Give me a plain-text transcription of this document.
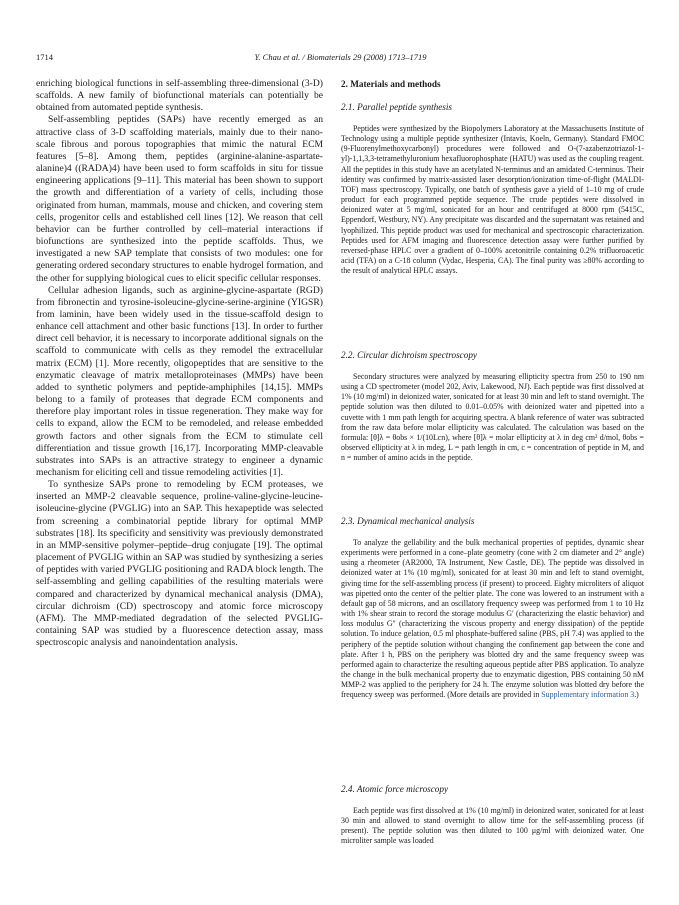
1714	Y. Chau et al. / Biomaterials 29 (2008) 1713–1719

enriching biological functions in self-assembling three-dimensional (3-D) scaffolds. A new family of biofunctional materials can potentially be obtained from automated peptide synthesis.

Self-assembling peptides (SAPs) have recently emerged as an attractive class of 3-D scaffolding materials, mainly due to their nano-scale fibrous and porous topographies that mimic the natural ECM features [5–8]. Among them, peptides (arginine-alanine-aspartate-alanine)4 ((RADA)4) have been used to form scaffolds in situ for tissue engineering applications [9–11]. This material has been shown to support the growth and differentiation of a variety of cells, including those originated from human, mammals, mouse and chicken, and covering stem cells, progenitor cells and established cell lines [12]. We reason that cell behavior can be further controlled by cell–material interactions if biofunctions are synthesized into the peptide scaffolds. Thus, we investigated a new SAP template that consists of two modules: one for generating ordered secondary structures to enable hydrogel formation, and the other for supplying biological cues to elicit specific cellular responses.

Cellular adhesion ligands, such as arginine-glycine-aspartate (RGD) from fibronectin and tyrosine-isoleucine-glycine-serine-arginine (YIGSR) from laminin, have been widely used in the tissue-scaffold design to enhance cell attachment and other basic functions [13]. In order to further direct cell behavior, it is necessary to incorporate additional signals on the scaffold to communicate with cells as they remodel the extracellular matrix (ECM) [1]. More recently, oligopeptides that are sensitive to the enzymatic cleavage of matrix metalloproteinases (MMPs) have been added to synthetic polymers and peptide-amphiphiles [14,15]. MMPs belong to a family of proteases that degrade ECM components and therefore play important roles in tissue regeneration. They make way for cells to expand, allow the ECM to be remodeled, and release embedded growth factors and other signals from the ECM to stimulate cell differentiation and tissue growth [16,17]. Incorporating MMP-cleavable substrates into SAPs is an attractive strategy to engineer a dynamic mechanism for eliciting cell and tissue remodeling activities [1].

To synthesize SAPs prone to remodeling by ECM proteases, we inserted an MMP-2 cleavable sequence, proline-valine-glycine-leucine-isoleucine-glycine (PVGLIG) into an SAP. This hexapeptide was selected from screening a combinatorial peptide library for optimal MMP substrates [18]. Its specificity and sensitivity was previously demonstrated in an MMP-sensitive polymer–peptide–drug conjugate [19]. The optimal placement of PVGLIG within an SAP was studied by synthesizing a series of peptides with varied PVGLIG positioning and RADA block length. The self-assembling and gelling capabilities of the resulting materials were compared and characterized by dynamical mechanical analysis (DMA), circular dichroism (CD) spectroscopy and atomic force microscopy (AFM). The MMP-mediated degradation of the selected PVGLIG-containing SAP was studied by a fluorescence detection assay, mass spectroscopic analysis and nanoindentation analysis.

2. Materials and methods
2.1. Parallel peptide synthesis

Peptides were synthesized by the Biopolymers Laboratory at the Massachusetts Institute of Technology using a multiple peptide synthesizer (Intavis, Koeln, Germany). Standard FMOC (9-Fluorenylmethoxycarbonyl) procedures were followed and O-(7-azabenzotriazol-1-yl)-1,1,3,3-tetramethyluronium hexafluorophosphate (HATU) was used as the coupling reagent. All the peptides in this study have an acetylated N-terminus and an amidated C-terminus. Their identity was confirmed by matrix-assisted laser desorption/ionization time-of-flight (MALDI-TOF) mass spectroscopy. Typically, one batch of synthesis gave a yield of 1–10 mg of crude product for each programmed peptide sequence. The crude peptides were dissolved in deionized water at 5 mg/ml, sonicated for an hour and centrifuged at 8000 rpm (5415C, Eppendorf, Westbury, NY). Any precipitate was discarded and the supernatant was retained and lyophilized. This peptide product was used for mechanical and spectroscopic characterization. Peptides used for AFM imaging and fluorescence detection assay were further purified by reversed-phase HPLC over a gradient of 0–100% acetonitrile containing 0.2% trifluoroacetic acid (TFA) on a C-18 column (Vydac, Hesperia, CA). The final purity was ≥80% according to the result of analytical HPLC assays.

2.2. Circular dichroism spectroscopy

Secondary structures were analyzed by measuring ellipticity spectra from 250 to 190 nm using a CD spectrometer (model 202, Aviv, Lakewood, NJ). Each peptide was first dissolved at 1% (10 mg/ml) in deionized water, sonicated for at least 30 min and left to stand overnight. The peptide solution was then diluted to 0.01–0.05% with deionized water and pipetted into a cuvette with 1 mm path length for acquiring spectra. A blank reference of water was subtracted from the raw data before molar ellipticity was calculated. The calculation was based on the formula: [θ]λ = θobs × 1/(10Lcn), where [θ]λ = molar ellipticity at λ in deg cm² d/mol, θobs = observed ellipticity at λ in mdeg, L = path length in cm, c = concentration of peptide in M, and n = number of amino acids in the peptide.

2.3. Dynamical mechanical analysis

To analyze the gellability and the bulk mechanical properties of peptides, dynamic shear experiments were performed in a cone–plate geometry (cone with 2 cm diameter and 2° angle) using a rheometer (AR2000, TA Instrument, New Castle, DE). The peptide was dissolved in deionized water at 1% (10 mg/ml), sonicated for at least 30 min and left to stand overnight, giving time for the self-assembling process (if present) to proceed. Eighty microliters of aliquot was pipetted onto the center of the peltier plate. The cone was lowered to an instrument with a default gap of 58 microns, and an oscillatory frequency sweep was performed from 1 to 10 Hz with 1% shear strain to record the storage modulus G′ (characterizing the elastic behavior) and loss modulus G″ (characterizing the viscous property and energy dissipation) of the peptide solution. To induce gelation, 0.5 ml phosphate-buffered saline (PBS, pH 7.4) was applied to the periphery of the peptide solution without changing the confinement gap between the cone and plate. After 1 h, PBS on the periphery was blotted dry and the same frequency sweep was performed again to characterize the resulting aqueous peptide after PBS application. To analyze the change in the bulk mechanical property due to enzymatic digestion, PBS containing 50 nM MMP-2 was applied to the periphery for 24 h. The enzyme solution was blotted dry before the frequency sweep was performed. (More details are provided in Supplementary information 3.)

2.4. Atomic force microscopy

Each peptide was first dissolved at 1% (10 mg/ml) in deionized water, sonicated for at least 30 min and allowed to stand overnight to allow time for the self-assembling process (if present). The peptide solution was then diluted to 100 μg/ml with deionized water. One microliter sample was loaded
